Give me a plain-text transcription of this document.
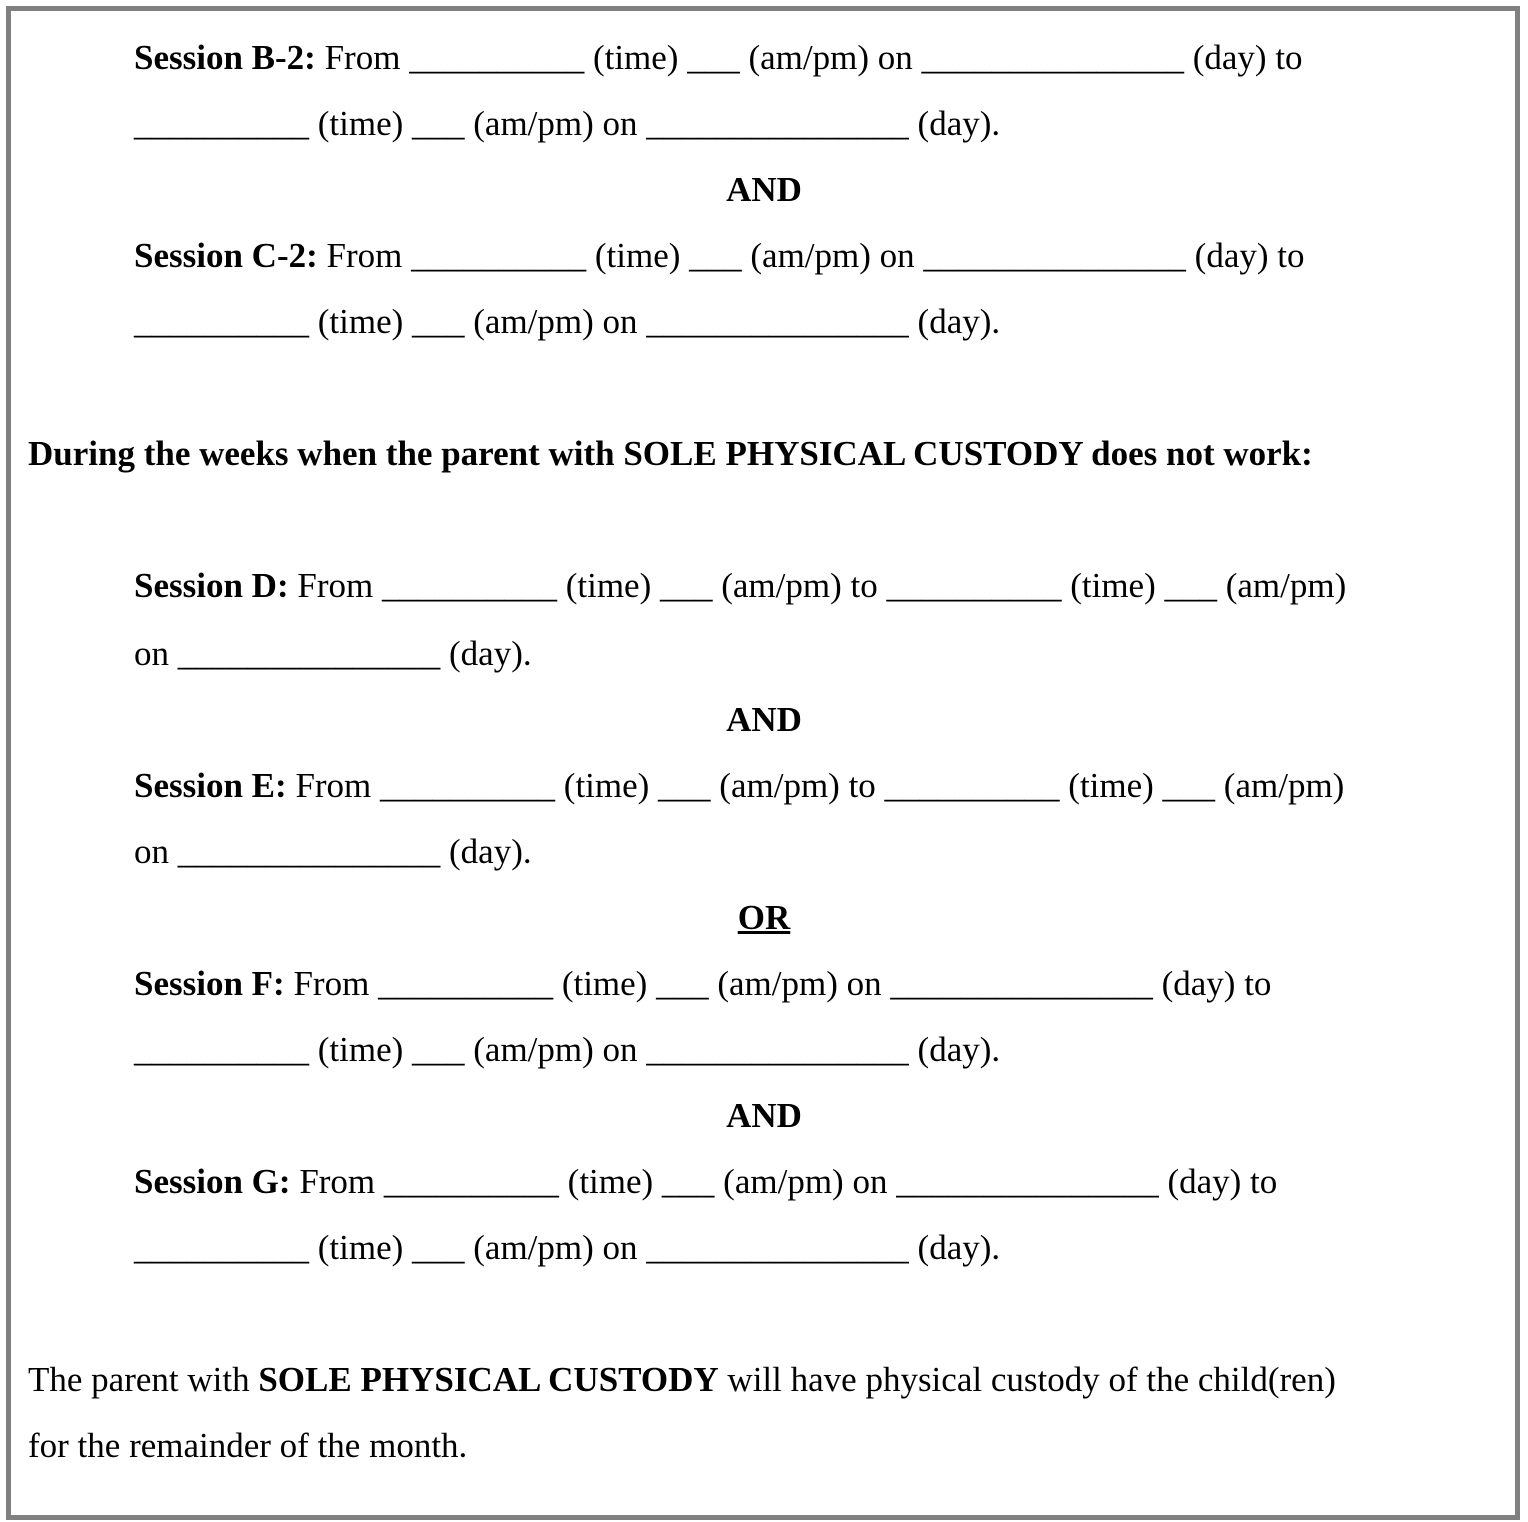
Session B-2: From __________ (time) ___ (am/pm) on _______________ (day) to
__________ (time) ___ (am/pm) on _______________ (day).
AND
Session C-2: From __________ (time) ___ (am/pm) on _______________ (day) to
__________ (time) ___ (am/pm) on _______________ (day).
During the weeks when the parent with SOLE PHYSICAL CUSTODY does not work:
Session D: From __________ (time) ___ (am/pm) to __________ (time) ___ (am/pm)
on _______________ (day).
AND
Session E: From __________ (time) ___ (am/pm) to __________ (time) ___ (am/pm)
on _______________ (day).
OR
Session F: From __________ (time) ___ (am/pm) on _______________ (day) to
__________ (time) ___ (am/pm) on _______________ (day).
AND
Session G: From __________ (time) ___ (am/pm) on _______________ (day) to
__________ (time) ___ (am/pm) on _______________ (day).
The parent with SOLE PHYSICAL CUSTODY will have physical custody of the child(ren)
for the remainder of the month.
